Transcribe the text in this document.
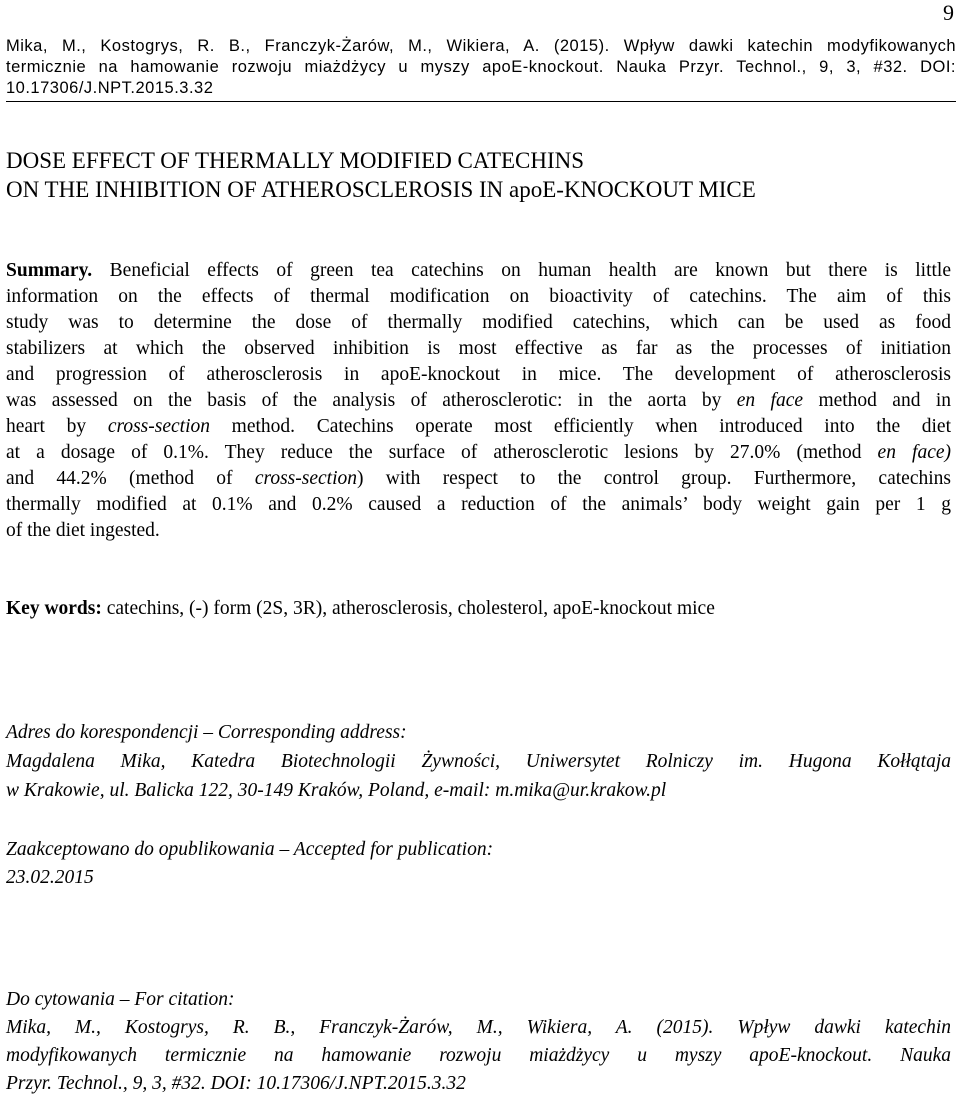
9
Mika, M., Kostogrys, R. B., Franczyk-Żarów, M., Wikiera, A. (2015). Wpływ dawki katechin modyfikowanych
termicznie na hamowanie rozwoju miażdżycy u myszy apoE-knockout. Nauka Przyr. Technol., 9, 3, #32. DOI:
10.17306/J.NPT.2015.3.32
DOSE EFFECT OF THERMALLY MODIFIED CATECHINS
ON THE INHIBITION OF ATHEROSCLEROSIS IN apoE-KNOCKOUT MICE
Summary. Beneficial effects of green tea catechins on human health are known but there is little
information on the effects of thermal modification on bioactivity of catechins. The aim of this
study was to determine the dose of thermally modified catechins, which can be used as food
stabilizers at which the observed inhibition is most effective as far as the processes of initiation
and progression of atherosclerosis in apoE-knockout in mice. The development of atherosclerosis
was assessed on the basis of the analysis of atherosclerotic: in the aorta by en face method and in
heart by cross-section method. Catechins operate most efficiently when introduced into the diet
at a dosage of 0.1%. They reduce the surface of atherosclerotic lesions by 27.0% (method en face)
and 44.2% (method of cross-section) with respect to the control group. Furthermore, catechins
thermally modified at 0.1% and 0.2% caused a reduction of the animals’ body weight gain per 1 g
of the diet ingested.
Key words: catechins, (-) form (2S, 3R), atherosclerosis, cholesterol, apoE-knockout mice
Adres do korespondencji – Corresponding address:
Magdalena Mika, Katedra Biotechnologii Żywności, Uniwersytet Rolniczy im. Hugona Kołłątaja
w Krakowie, ul. Balicka 122, 30-149 Kraków, Poland, e-mail: m.mika@ur.krakow.pl
Zaakceptowano do opublikowania – Accepted for publication:
23.02.2015
Do cytowania – For citation:
Mika, M., Kostogrys, R. B., Franczyk-Żarów, M., Wikiera, A. (2015). Wpływ dawki katechin
modyfikowanych termicznie na hamowanie rozwoju miażdżycy u myszy apoE-knockout. Nauka
Przyr. Technol., 9, 3, #32. DOI: 10.17306/J.NPT.2015.3.32
